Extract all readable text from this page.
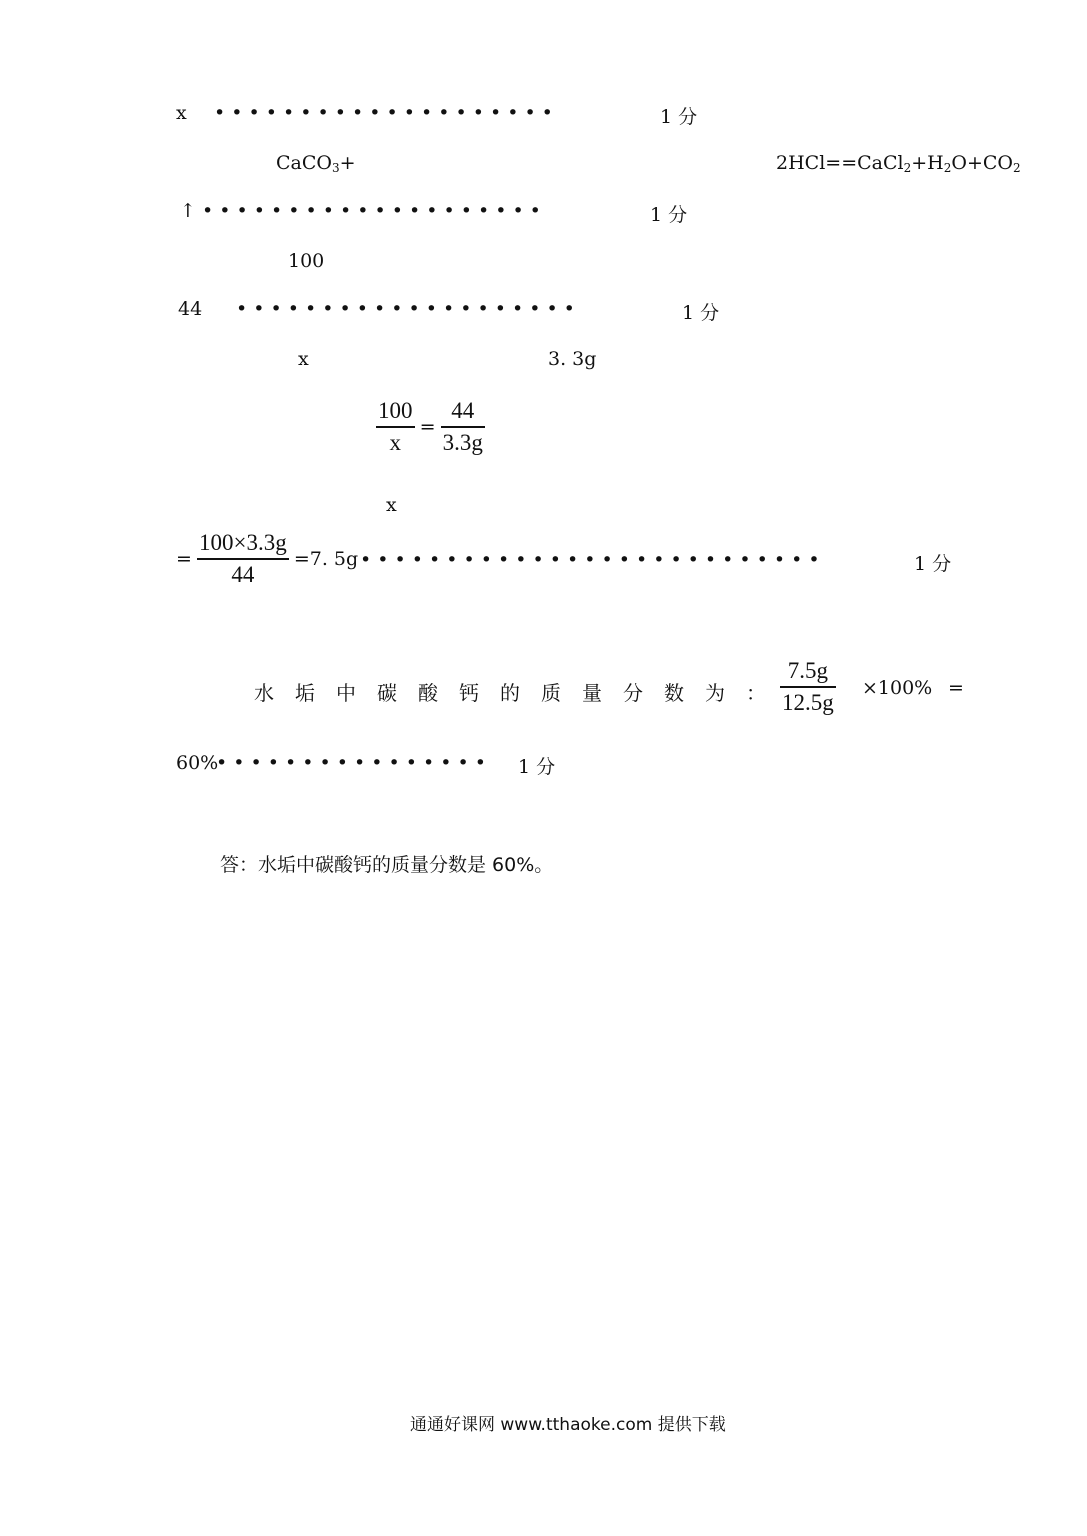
x • • • • • • • • • • • • • • • • • • • •	1 分
CaCO$_3$+	$2HCl==CaCl_2+H_2O+CO_2$
↑ • • • • • • • • • • • • • • • • • • • •	1 分
100
44 • • • • • • • • • • • • • • • • • • • •	1 分
x	3. 3g
$\frac{100}{x} = \frac{44}{3.3g}$
x
= $\frac{100\times 3.3g}{44} =7$. 5g • • • • • • • • • • • • • • • • • • • • • • • • • • •	1 分
水垢中碳酸钙的质量分数为：
$\frac{7.5g}{12.5g} \times 100\%$ =
60%
• • • • • • • • • • • • • • • • 1 分
答：水垢中碳酸钙的质量分数是 60%。
通通好课网 www.tthaoke.com 提供下载
